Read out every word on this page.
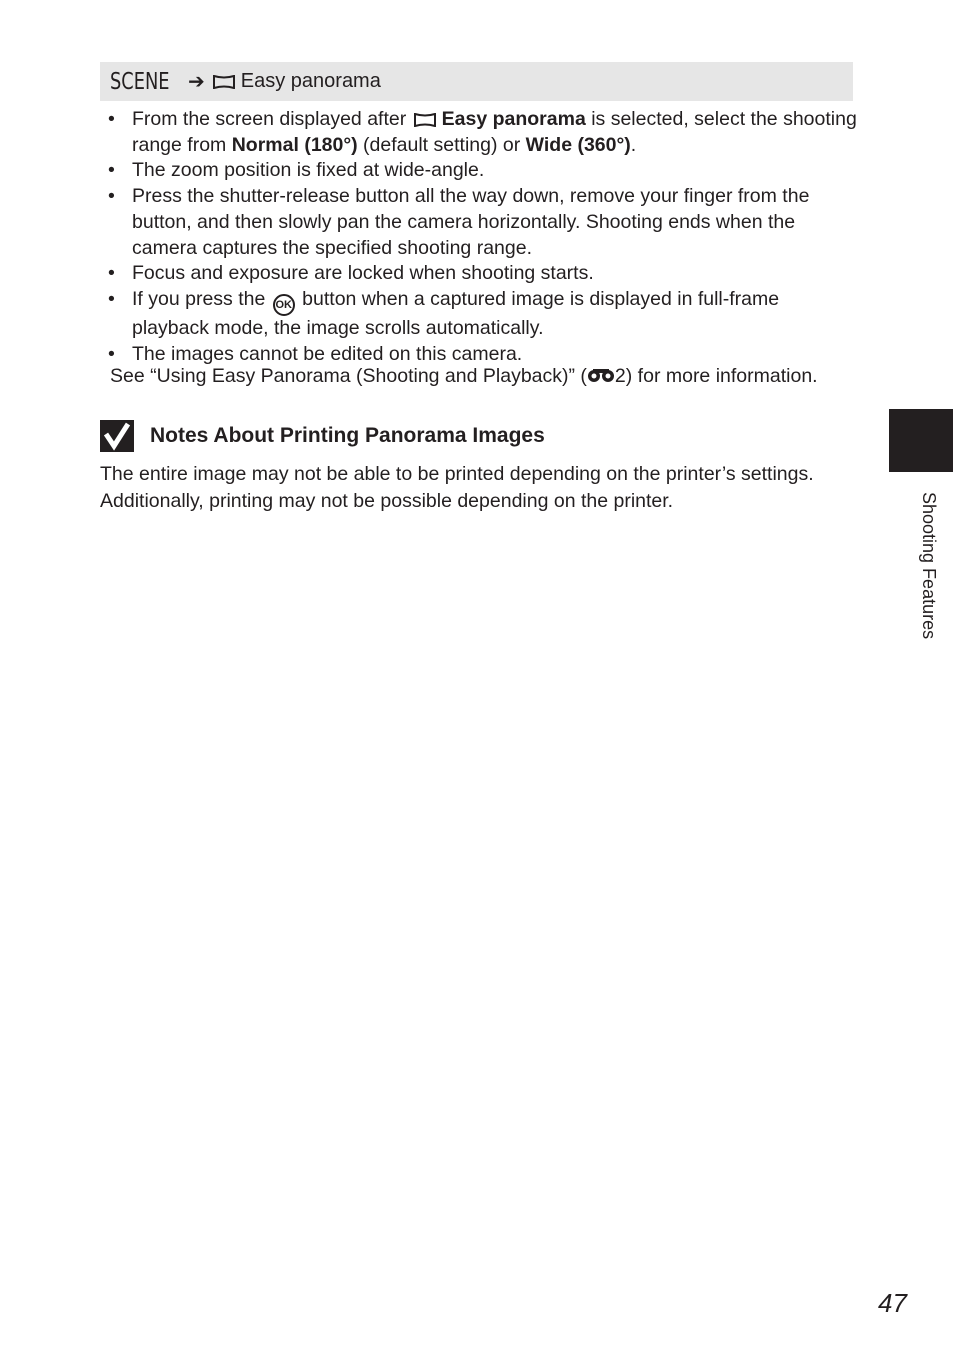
SCENE ➔ Easy panorama
• From the screen displayed after Easy panorama is selected, select the shooting range from Normal (180°) (default setting) or Wide (360°).
• The zoom position is fixed at wide-angle.
• Press the shutter-release button all the way down, remove your finger from the button, and then slowly pan the camera horizontally. Shooting ends when the camera captures the specified shooting range.
• Focus and exposure are locked when shooting starts.
• If you press the OK button when a captured image is displayed in full-frame playback mode, the image scrolls automatically.
• The images cannot be edited on this camera.
See “Using Easy Panorama (Shooting and Playback)” ( 2) for more information.
Notes About Printing Panorama Images
The entire image may not be able to be printed depending on the printer’s settings. Additionally, printing may not be possible depending on the printer.	Shooting Features
47
